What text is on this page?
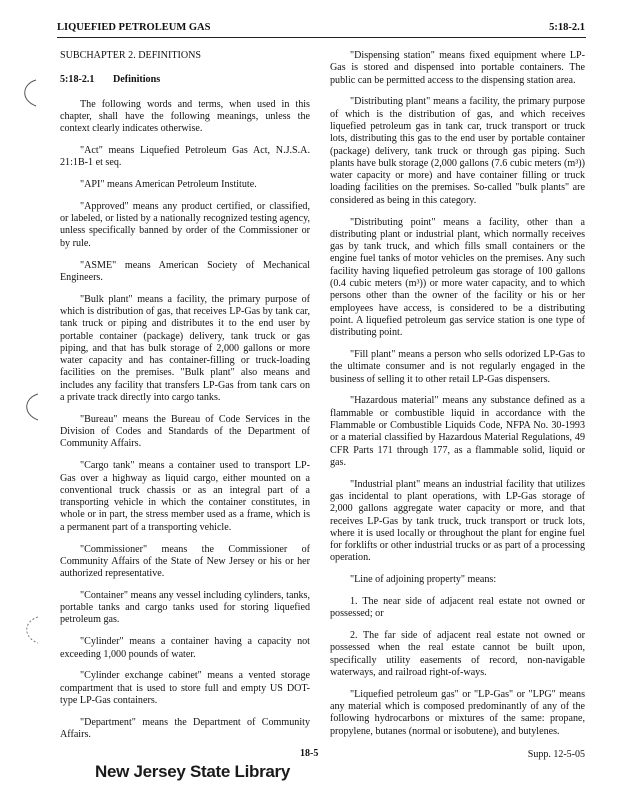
LIQUEFIED PETROLEUM GAS	5:18-2.1
SUBCHAPTER 2. DEFINITIONS
5:18-2.1 Definitions

The following words and terms, when used in this chapter, shall have the following meanings, unless the context clearly indicates otherwise.

"Act" means Liquefied Petroleum Gas Act, N.J.S.A. 21:1B-1 et seq.

"API" means American Petroleum Institute.

"Approved" means any product certified, or classified, or labeled, or listed by a nationally recognized testing agency, unless specifically banned by order of the Commissioner or by rule.

"ASME" means American Society of Mechanical Engineers.

"Bulk plant" means a facility, the primary purpose of which is distribution of gas, that receives LP-Gas by tank car, tank truck or piping and distributes it to the end user by portable container (package) delivery, tank truck or gas piping, and that has bulk storage of 2,000 gallons or more water capacity and has container-filling or truck-loading facilities on the premises. "Bulk plant" also means and includes any facility that transfers LP-Gas from tank cars on a private track directly into cargo tanks.

"Bureau" means the Bureau of Code Services in the Division of Codes and Standards of the Department of Community Affairs.

"Cargo tank" means a container used to transport LP-Gas over a highway as liquid cargo, either mounted on a conventional truck chassis or as an integral part of a transporting vehicle in which the container constitutes, in whole or in part, the stress member used as a frame, which is a permanent part of a transporting vehicle.

"Commissioner" means the Commissioner of Community Affairs of the State of New Jersey or his or her authorized representative.

"Container" means any vessel including cylinders, tanks, portable tanks and cargo tanks used for storing liquefied petroleum gas.

"Cylinder" means a container having a capacity not exceeding 1,000 pounds of water.

"Cylinder exchange cabinet" means a vented storage compartment that is used to store full and empty US DOT-type LP-Gas containers.

"Department" means the Department of Community Affairs.

"Dispensing station" means fixed equipment where LP-Gas is stored and dispensed into portable containers. The public can be permitted access to the dispensing station area.

"Distributing plant" means a facility, the primary purpose of which is the distribution of gas, and which receives liquefied petroleum gas in tank car, truck transport or truck lots, distributing this gas to the end user by portable container (package) delivery, tank truck or through gas piping. Such plants have bulk storage (2,000 gallons (7.6 cubic meters (m³)) water capacity or more) and have container filling or truck loading facilities on the premises. So-called "bulk plants" are considered as being in this category.

"Distributing point" means a facility, other than a distributing plant or industrial plant, which normally receives gas by tank truck, and which fills small containers or the engine fuel tanks of motor vehicles on the premises. Any such facility having liquefied petroleum gas storage of 100 gallons (0.4 cubic meters (m³)) or more water capacity, and to which persons other than the owner of the facility or his or her employees have access, is considered to be a distributing point. A liquefied petroleum gas service station is one type of distributing point.

"Fill plant" means a person who sells odorized LP-Gas to the ultimate consumer and is not regularly engaged in the business of selling it to other retail LP-Gas dispensers.

"Hazardous material" means any substance defined as a flammable or combustible liquid in accordance with the Flammable or Combustible Liquids Code, NFPA No. 30-1993 or a material classified by Hazardous Material Regulations, 49 CFR Parts 171 through 177, as a flammable solid, liquid or gas.

"Industrial plant" means an industrial facility that utilizes gas incidental to plant operations, with LP-Gas storage of 2,000 gallons aggregate water capacity or more, and that receives LP-Gas by tank truck, truck transport or truck lots, where it is used locally or throughout the plant for engine fuel for forklifts or other industrial trucks or as part of a processing operation.

"Line of adjoining property" means:

1. The near side of adjacent real estate not owned or possessed; or

2. The far side of adjacent real estate not owned or possessed when the real estate cannot be built upon, specifically utility easements of record, non-navigable waterways, and railroad right-of-ways.

"Liquefied petroleum gas" or "LP-Gas" or "LPG" means any material which is composed predominantly of any of the following hydrocarbons or mixtures of the same: propane, propylene, butanes (normal or isobutene), and butylenes.

18-5	Supp. 12-5-05
New Jersey State Library
